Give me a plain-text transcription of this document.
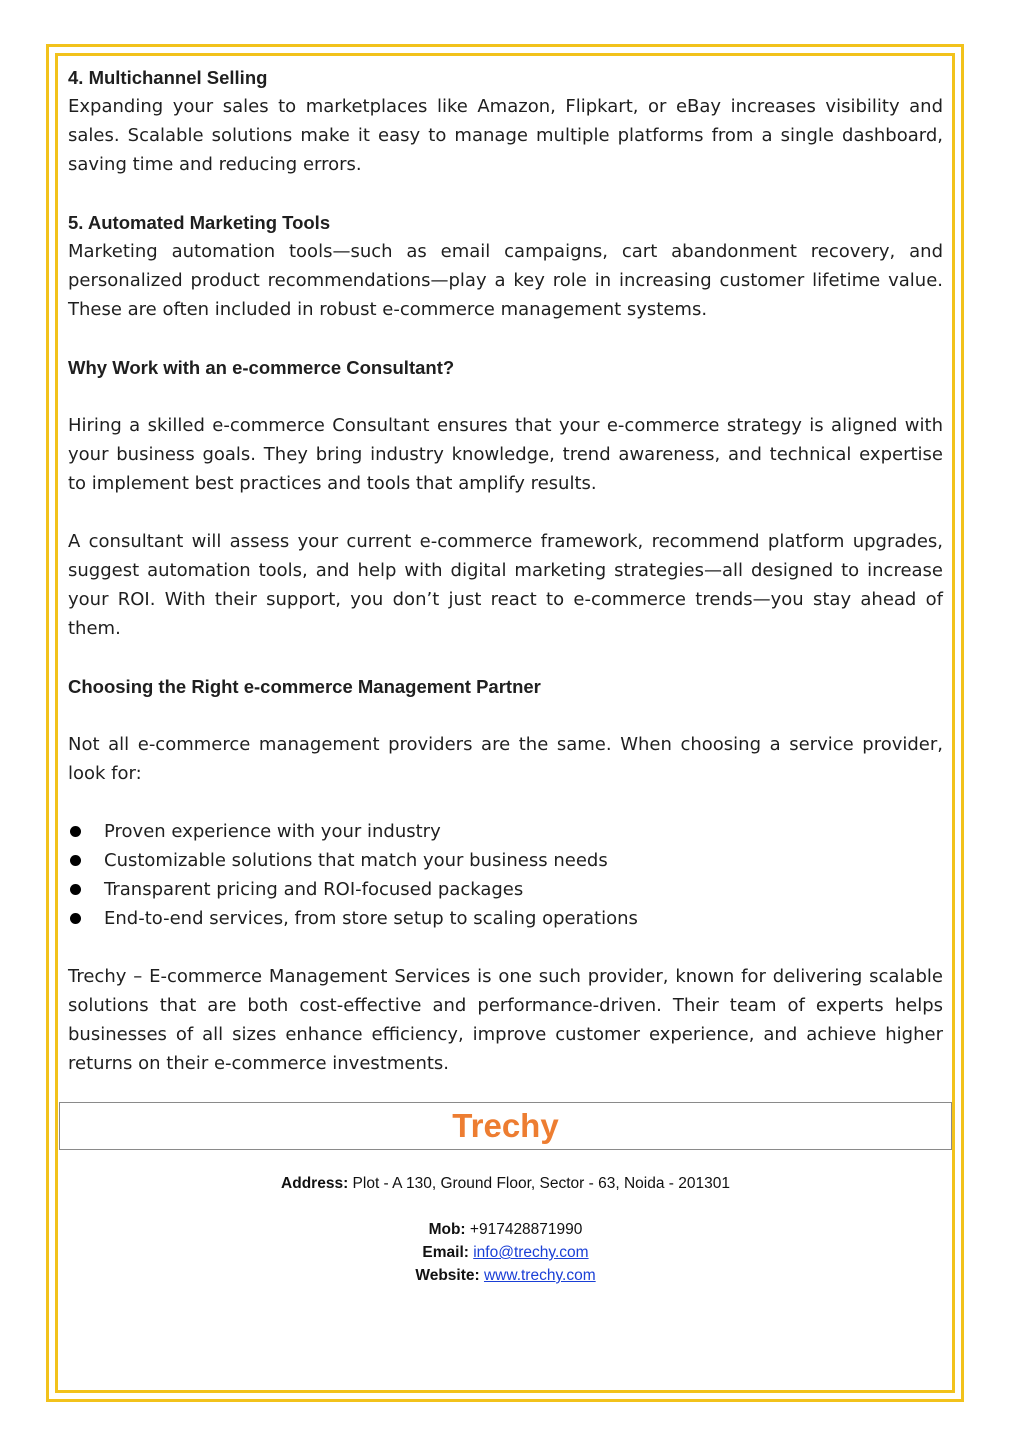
4. Multichannel Selling

Expanding your sales to marketplaces like Amazon, Flipkart, or eBay increases visibility and sales. Scalable solutions make it easy to manage multiple platforms from a single dashboard, saving time and reducing errors.

5. Automated Marketing Tools

Marketing automation tools—such as email campaigns, cart abandonment recovery, and personalized product recommendations—play a key role in increasing customer lifetime value. These are often included in robust e-commerce management systems.

Why Work with an e-commerce Consultant?

Hiring a skilled e-commerce Consultant ensures that your e-commerce strategy is aligned with your business goals. They bring industry knowledge, trend awareness, and technical expertise to implement best practices and tools that amplify results.

A consultant will assess your current e-commerce framework, recommend platform upgrades, suggest automation tools, and help with digital marketing strategies—all designed to increase your ROI. With their support, you don’t just react to e-commerce trends—you stay ahead of them.

Choosing the Right e-commerce Management Partner

Not all e-commerce management providers are the same. When choosing a service provider, look for:

Proven experience with your industry
Customizable solutions that match your business needs
Transparent pricing and ROI-focused packages
End-to-end services, from store setup to scaling operations

Trechy – E-commerce Management Services is one such provider, known for delivering scalable solutions that are both cost-effective and performance-driven. Their team of experts helps businesses of all sizes enhance efficiency, improve customer experience, and achieve higher returns on their e-commerce investments.

Trechy
Address: Plot - A 130, Ground Floor, Sector - 63, Noida - 201301
Mob: +917428871990
Email: info@trechy.com
Website: www.trechy.com
